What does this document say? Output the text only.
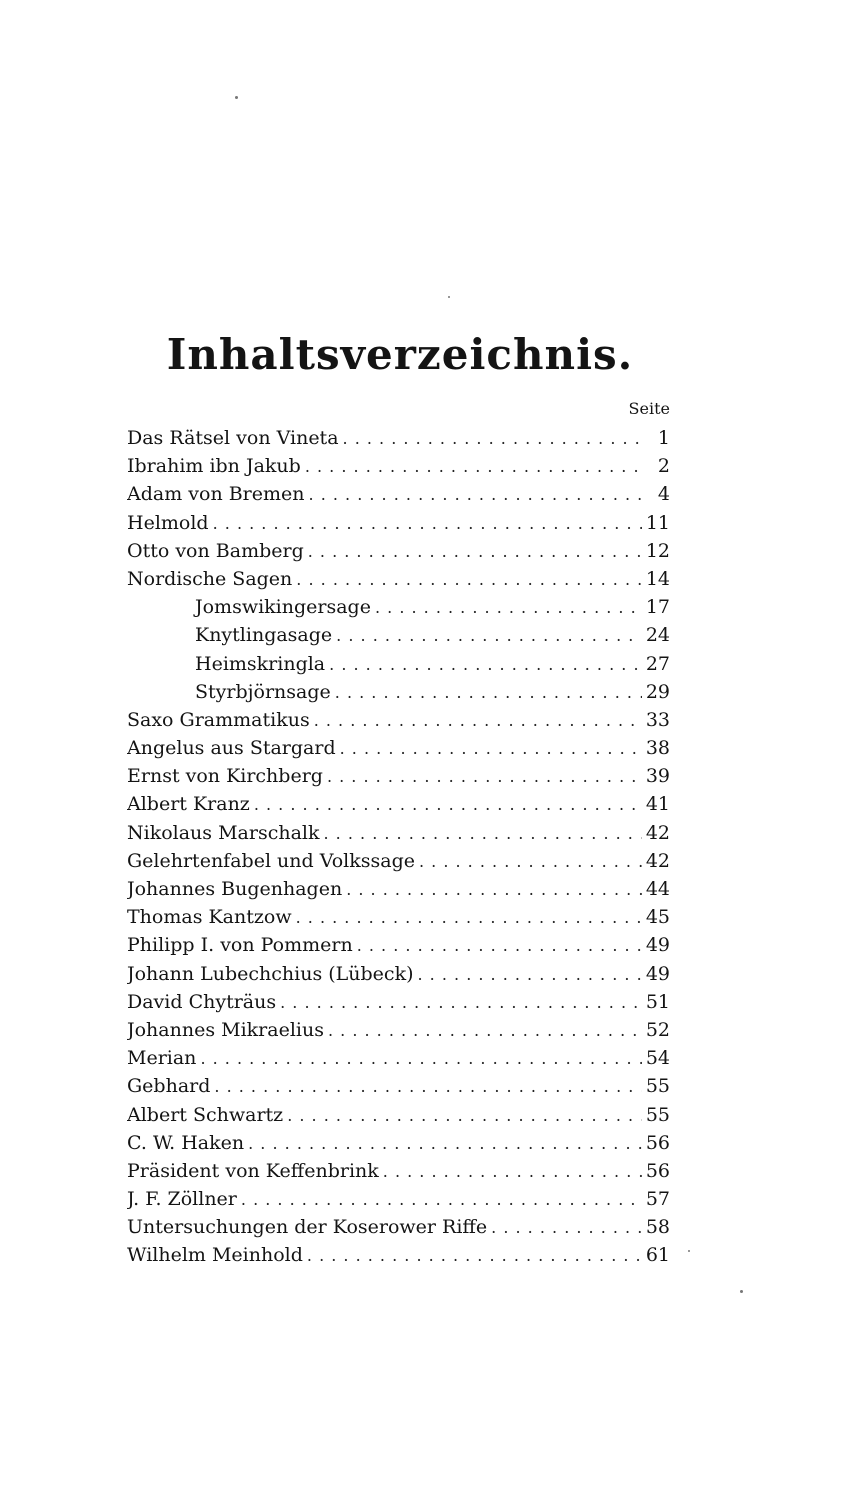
Inhaltsverzeichnis.
Seite
Das Rätsel von Vineta . . .	1
Ibrahim ibn Jakub . . .	2
Adam von Bremen . . .	4
Helmold . . .	11
Otto von Bamberg . . .	12
Nordische Sagen . . .	14
Jomswikingersage . . .	17
Knytlingasage . . .	24
Heimskringla . . .	27
Styrbjörnsage . . .	29
Saxo Grammatikus . . .	33
Angelus aus Stargard . . .	38
Ernst von Kirchberg . . .	39
Albert Kranz . . .	41
Nikolaus Marschalk . . .	42
Gelehrtenfabel und Volkssage . . .	42
Johannes Bugenhagen . . .	44
Thomas Kantzow . . .	45
Philipp I. von Pommern . . .	49
Johann Lubechchius (Lübeck) . . .	49
David Chyträus . . .	51
Johannes Mikraelius . . .	52
Merian . . .	54
Gebhard . . .	55
Albert Schwartz . . .	55
C. W. Haken . . .	56
Präsident von Keffenbrink . . .	56
J. F. Zöllner . . .	57
Untersuchungen der Koserower Riffe . . .	58
Wilhelm Meinhold . . .	61
